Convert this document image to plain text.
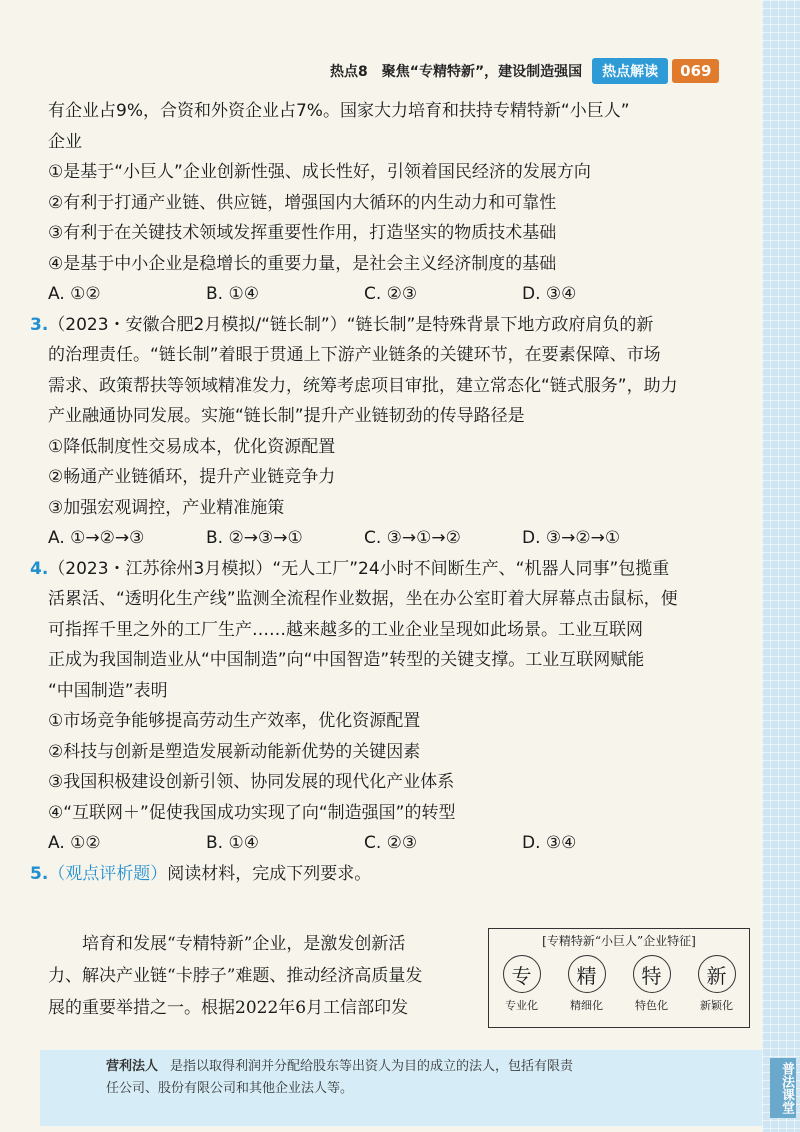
热点8　聚焦“专精特新”，建设制造强国	热点解读	069
有企业占9%，合资和外资企业占7%。国家大力培育和扶持专精特新“小巨人”
企业
①是基于“小巨人”企业创新性强、成长性好，引领着国民经济的发展方向
②有利于打通产业链、供应链，增强国内大循环的内生动力和可靠性
③有利于在关键技术领域发挥重要性作用，打造坚实的物质技术基础
④是基于中小企业是稳增长的重要力量，是社会主义经济制度的基础
A. ①②	B. ①④	C. ②③	D. ③④
3.（2023・安徽合肥2月模拟/“链长制”）“链长制”是特殊背景下地方政府肩负的新
的治理责任。“链长制”着眼于贯通上下游产业链条的关键环节，在要素保障、市场
需求、政策帮扶等领域精准发力，统筹考虑项目审批，建立常态化“链式服务”，助力
产业融通协同发展。实施“链长制”提升产业链韧劲的传导路径是
①降低制度性交易成本，优化资源配置
②畅通产业链循环，提升产业链竞争力
③加强宏观调控，产业精准施策
A. ①→②→③	B. ②→③→①	C. ③→①→②	D. ③→②→①
4.（2023・江苏徐州3月模拟）“无人工厂”24小时不间断生产、“机器人同事”包揽重
活累活、“透明化生产线”监测全流程作业数据，坐在办公室盯着大屏幕点击鼠标，便
可指挥千里之外的工厂生产……越来越多的工业企业呈现如此场景。工业互联网
正成为我国制造业从“中国制造”向“中国智造”转型的关键支撑。工业互联网赋能
“中国制造”表明
①市场竞争能够提高劳动生产效率，优化资源配置
②科技与创新是塑造发展新动能新优势的关键因素
③我国积极建设创新引领、协同发展的现代化产业体系
④“互联网＋”促使我国成功实现了向“制造强国”的转型
A. ①②	B. ①④	C. ②③	D. ③④
5.（观点评析题）阅读材料，完成下列要求。
　　培育和发展“专精特新”企业，是激发创新活
力、解决产业链“卡脖子”难题、推动经济高质量发
展的重要举措之一。根据2022年6月工信部印发
[专精特新“小巨人”企业特征]
专
专业化
精
精细化
特
特色化
新
新颖化
营利法人 是指以取得利润并分配给股东等出资人为目的成立的法人，包括有限责
任公司、股份有限公司和其他企业法人等。	普法课堂
